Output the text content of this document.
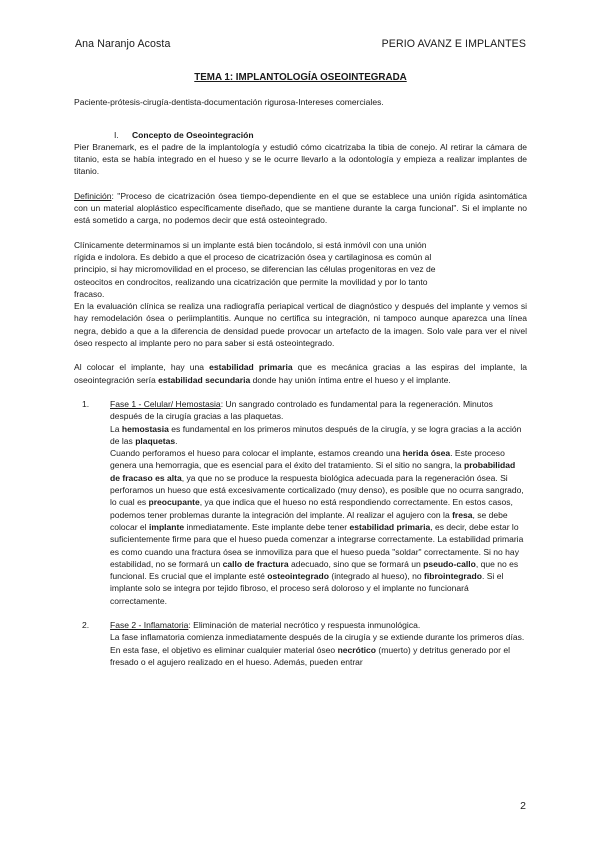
Ana Naranjo Acosta	PERIO AVANZ E IMPLANTES

TEMA 1: IMPLANTOLOGÍA OSEOINTEGRADA

Paciente-prótesis-cirugía-dentista-documentación rigurosa-Intereses comerciales.

I. Concepto de Oseointegración

Pier Branemark, es el padre de la implantología y estudió cómo cicatrizaba la tibia de conejo. Al retirar la cámara de titanio, esta se había integrado en el hueso y se le ocurre llevarlo a la odontología y empieza a realizar implantes de titanio.

Definición: "Proceso de cicatrización ósea tiempo-dependiente en el que se establece una unión rígida asintomática con un material aloplástico específicamente diseñado, que se mantiene durante la carga funcional". Si el implante no está sometido a carga, no podemos decir que está osteointegrado.

Clínicamente determinamos si un implante está bien tocándolo, si está inmóvil con una unión

rígida e indolora. Es debido a que el proceso de cicatrización ósea y cartilaginosa es común al

principio, si hay micromovilidad en el proceso, se diferencian las células progenitoras en vez de

osteocitos en condrocitos, realizando una cicatrización que permite la movilidad y por lo tanto

fracaso.

En la evaluación clínica se realiza una radiografía periapical vertical de diagnóstico y después del implante y vemos si hay remodelación ósea o periimplantitis. Aunque no certifica su integración, ni tampoco aunque aparezca una línea negra, debido a que a la diferencia de densidad puede provocar un artefacto de la imagen. Solo vale para ver el nivel óseo respecto al implante pero no para saber si está osteointegrado.

Al colocar el implante, hay una estabilidad primaria que es mecánica gracias a las espiras del implante, la oseointegración sería estabilidad secundaria donde hay unión íntima entre el hueso y el implante.

1. Fase 1 - Celular/ Hemostasia: Un sangrado controlado es fundamental para la regeneración. Minutos después de la cirugía gracias a las plaquetas.

La hemostasia es fundamental en los primeros minutos después de la cirugía, y se logra gracias a la acción de las plaquetas.

Cuando perforamos el hueso para colocar el implante, estamos creando una herida ósea. Este proceso genera una hemorragia, que es esencial para el éxito del tratamiento. Si el sitio no sangra, la probabilidad de fracaso es alta, ya que no se produce la respuesta biológica adecuada para la regeneración ósea. Si perforamos un hueso que está excesivamente corticalizado (muy denso), es posible que no ocurra sangrado, lo cual es preocupante, ya que indica que el hueso no está respondiendo correctamente. En estos casos, podemos tener problemas durante la integración del implante. Al realizar el agujero con la fresa, se debe colocar el implante inmediatamente. Este implante debe tener estabilidad primaria, es decir, debe estar lo suficientemente firme para que el hueso pueda comenzar a integrarse correctamente. La estabilidad primaria es como cuando una fractura ósea se inmoviliza para que el hueso pueda "soldar" correctamente. Si no hay estabilidad, no se formará un callo de fractura adecuado, sino que se formará un pseudo-callo, que no es funcional. Es crucial que el implante esté osteointegrado (integrado al hueso), no fibrointegrado. Si el implante solo se integra por tejido fibroso, el proceso será doloroso y el implante no funcionará correctamente.

2. Fase 2 - Inflamatoria: Eliminación de material necrótico y respuesta inmunológica.

La fase inflamatoria comienza inmediatamente después de la cirugía y se extiende durante los primeros días. En esta fase, el objetivo es eliminar cualquier material óseo necrótico (muerto) y detritus generado por el fresado o el agujero realizado en el hueso. Además, pueden entrar

2
